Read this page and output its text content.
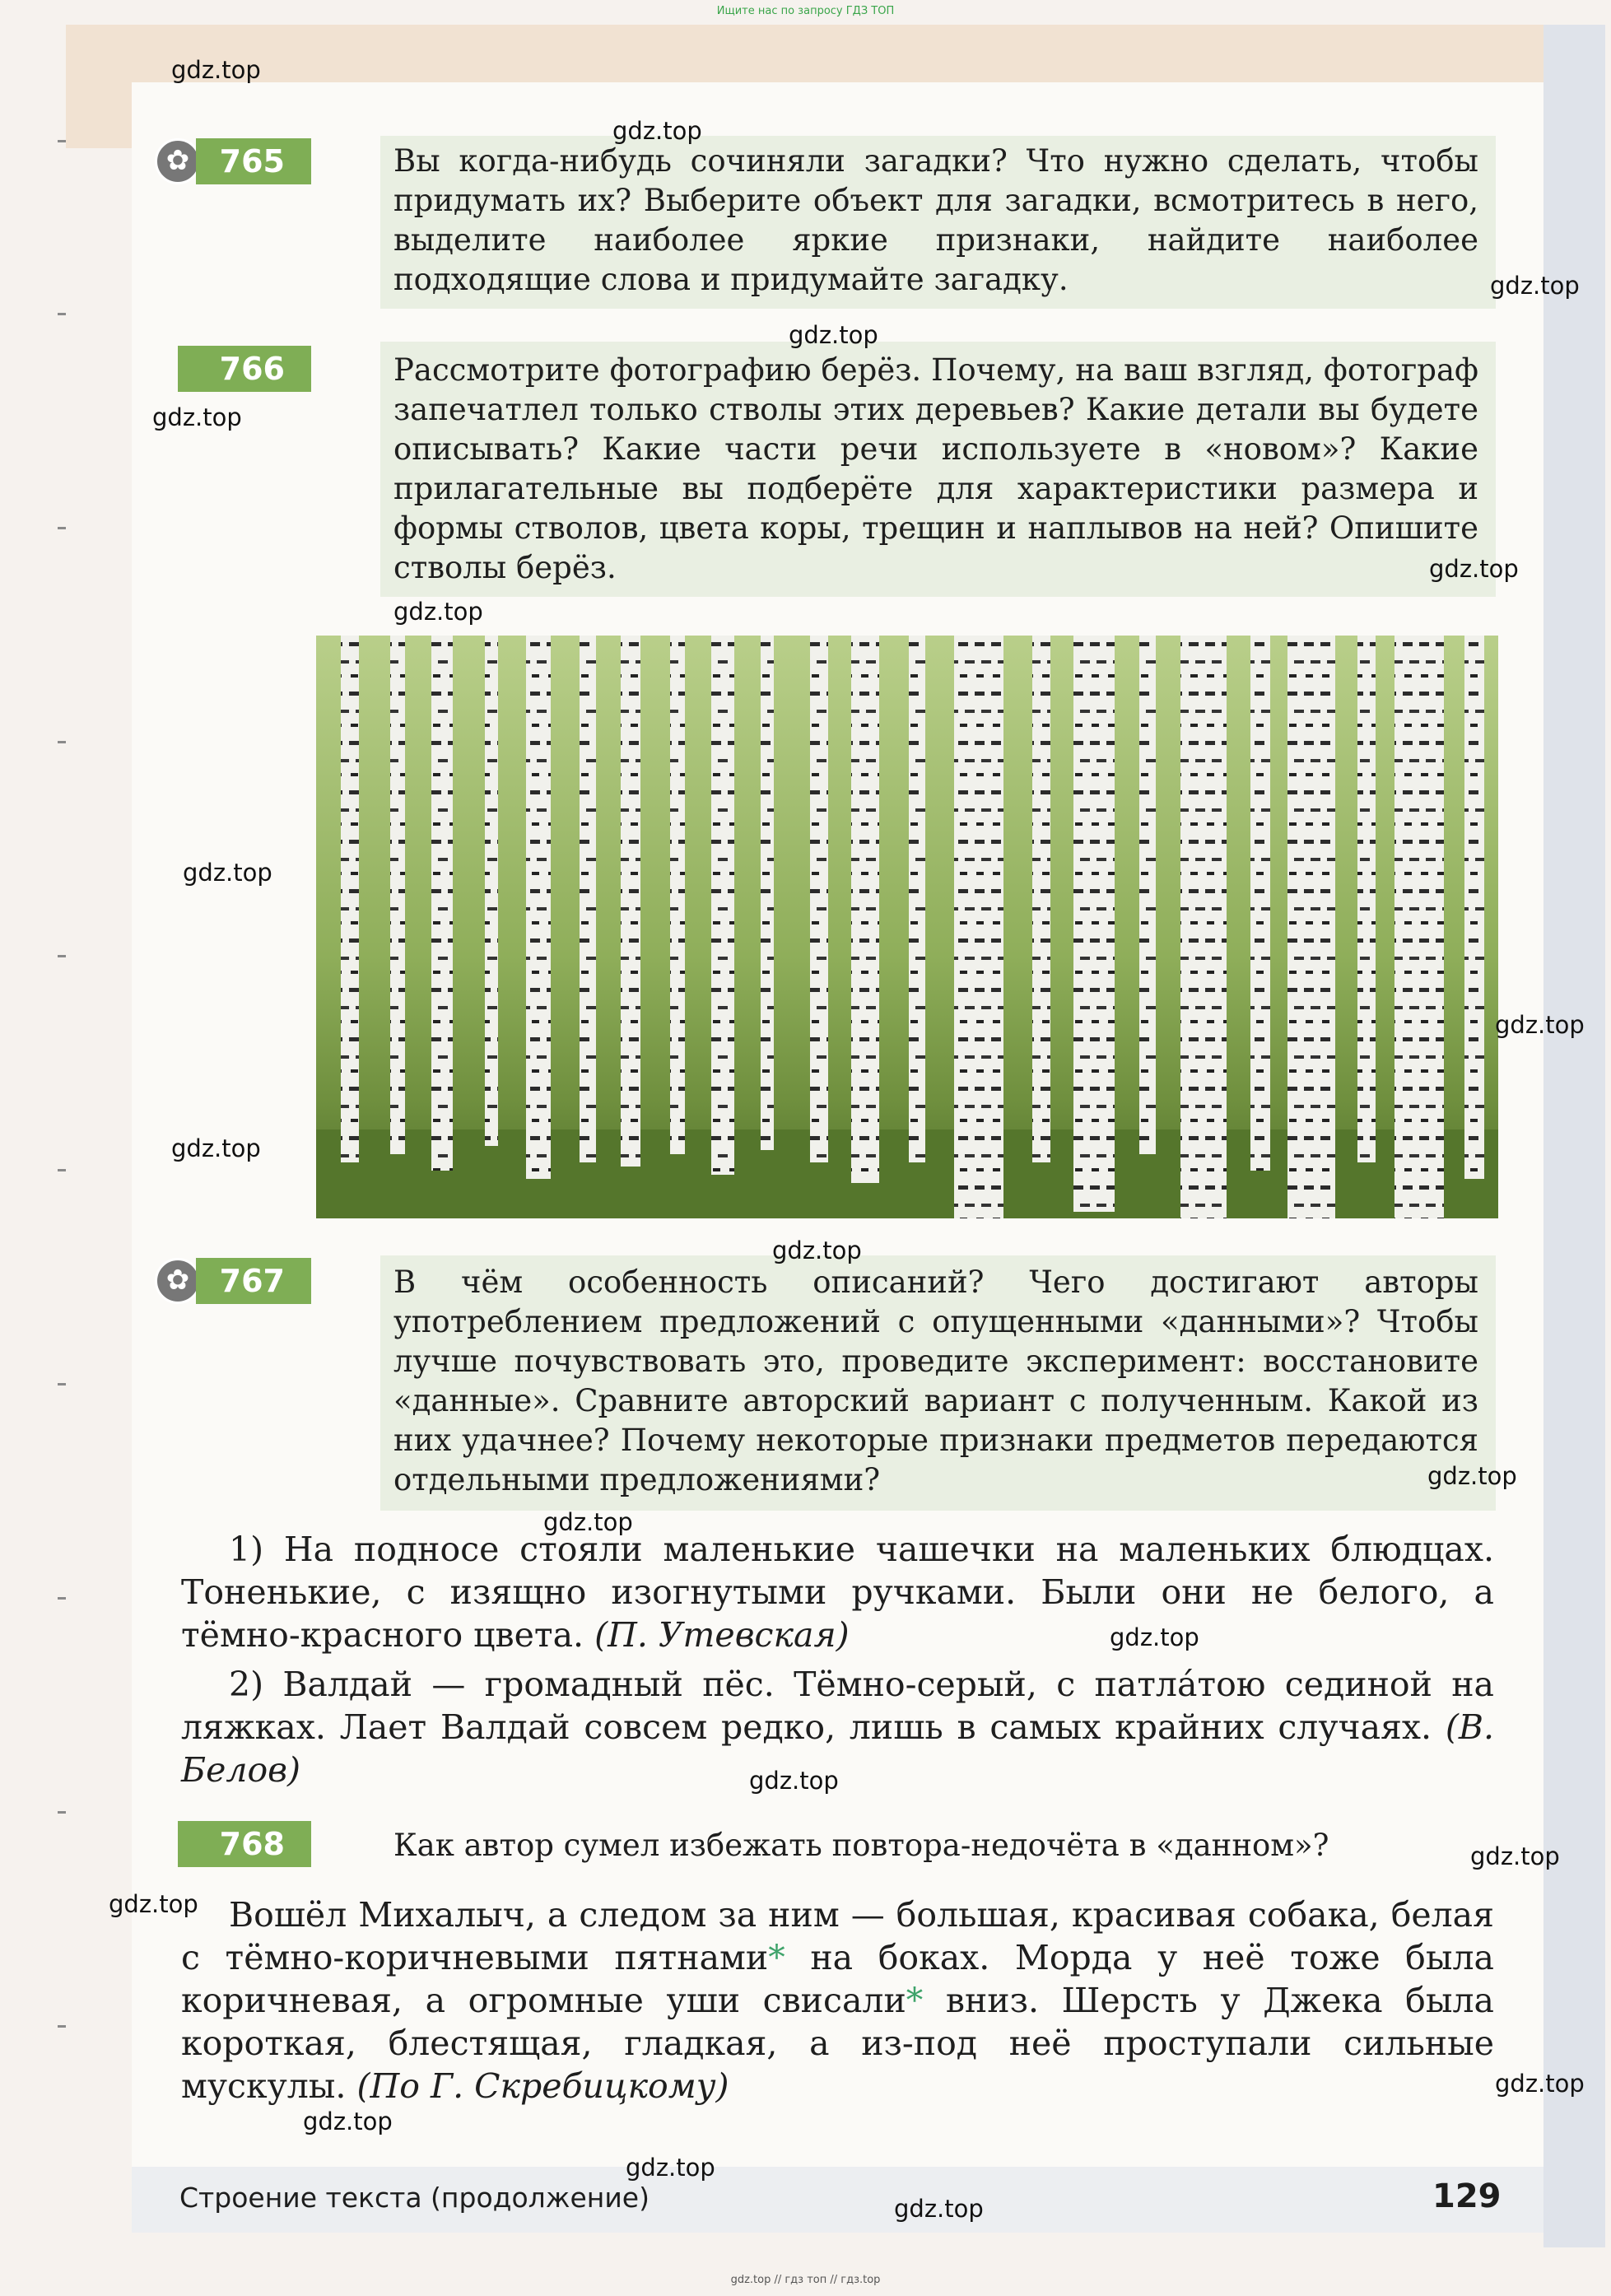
Ищите нас по запросу ГДЗ ТОП
✿ 765	Вы когда-нибудь сочиняли загадки? Что нужно сделать, чтобы придумать их? Выберите объект для загадки, всмотритесь в него, выделите наиболее яркие признаки, найдите наиболее подходящие слова и придумайте загадку.
766	Рассмотрите фотографию берёз. Почему, на ваш взгляд, фотограф запечатлел только стволы этих деревьев? Какие детали вы будете описывать? Какие части речи используете в «новом»? Какие прилагательные вы подберёте для характеристики размера и формы стволов, цвета коры, трещин и наплывов на ней? Опишите стволы берёз.
✿ 767	В чём особенность описаний? Чего достигают авторы употреблением предложений с опущенными «данными»? Чтобы лучше почувствовать это, проведите эксперимент: восстановите «данные». Сравните авторский вариант с полученным. Какой из них удачнее? Почему некоторые признаки предметов передаются отдельными предложениями?
1) На подносе стояли маленькие чашечки на маленьких блюдцах. Тоненькие, с изящно изогнутыми ручками. Были они не белого, а тёмно-красного цвета. (П. Утевская)
2) Валдай — громадный пёс. Тёмно-серый, с патлáтою сединой на ляжках. Лает Валдай совсем редко, лишь в самых крайних случаях. (В. Белов)
768	Как автор сумел избежать повтора-недочёта в «данном»?
Вошёл Михалыч, а следом за ним — большая, красивая собака, белая с тёмно-коричневыми пятнами* на боках. Морда у неё тоже была коричневая, а огромные уши свисали* вниз. Шерсть у Джека была короткая, блестящая, гладкая, а из-под неё проступали сильные мускулы. (По Г. Скребицкому)
Строение текста (продолжение)	129
gdz.top
gdz.top
gdz.top
gdz.top
gdz.top
gdz.top
gdz.top
gdz.top
gdz.top
gdz.top
gdz.top
gdz.top
gdz.top
gdz.top
gdz.top
gdz.top
gdz.top
gdz.top
gdz.top
gdz.top
gdz.top
gdz.top // гдз топ // гдз.top
